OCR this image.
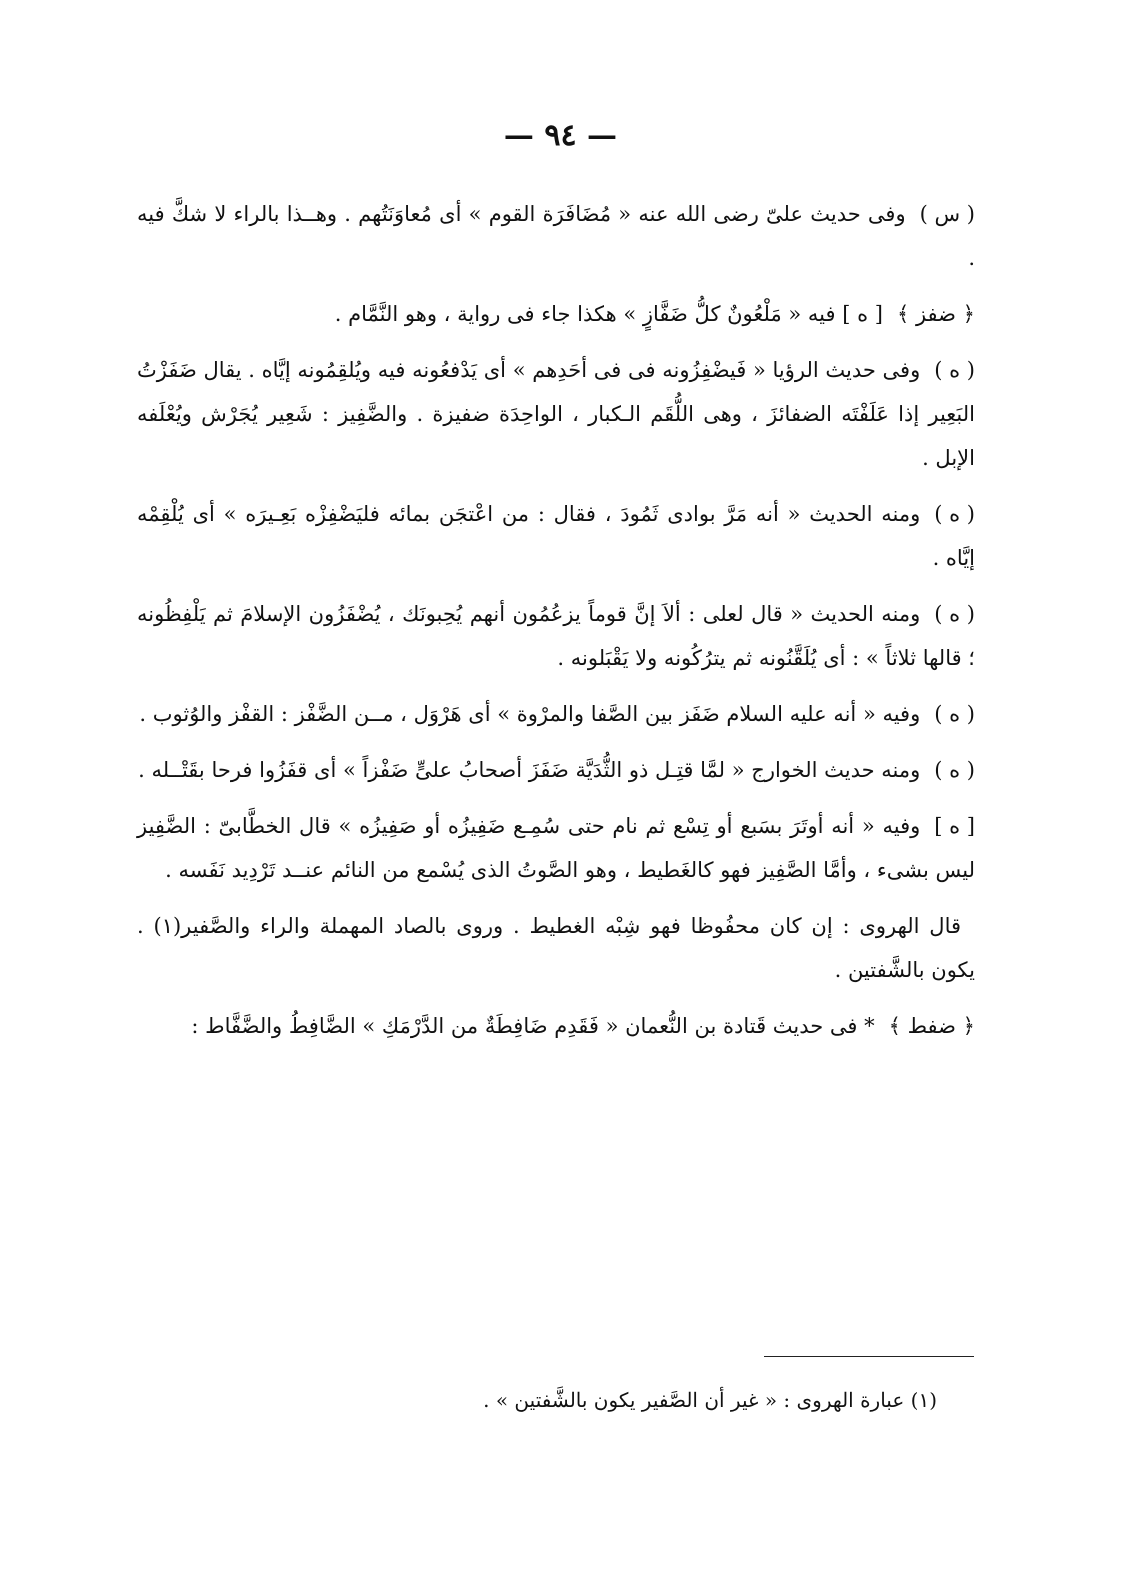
— ٩٤ —

( س )وفى حديث علىّ رضى الله عنه « مُضَافَرَة القوم » أى مُعاوَنَتُهم . وهــذا بالراء لا شكَّ فيه .

﴿ ضفز ﴾[ ه ] فيه « مَلْعُونٌ كلُّ ضَفَّازٍ » هكذا جاء فى رواية ، وهو النَّمَّام .

( ه )وفى حديث الرؤيا « فَيضْفِزُونه فى فى أحَدِهم » أى يَدْفعُونه فيه ويُلقِمُونه إيَّاه . يقال ضَفَزْتُ البَعِير إذا عَلَفْتَه الضفائزَ ، وهى اللُّقَم الـكبار ، الواحِدَة ضفيزة . والضَّفِيز : شَعِير يُجَرْش ويُعْلَفه الإبل .

( ه )ومنه الحديث « أنه مَرَّ بوادى ثَمُودَ ، فقال : من اعْتجَن بمائه فليَضْفِزْه بَعِـيرَه » أى يُلْقِمْه إيَّاه .

( ه )ومنه الحديث « قال لعلى : ألاَ إنَّ قوماً يزعُمُون أنهم يُحِبونَك ، يُضْفَزُون الإسلامَ ثم يَلْفِظُونه ؛ قالها ثلاثاً » : أى يُلَقَّنُونه ثم يترُكُونه ولا يَقْبَلونه .

( ه )وفيه « أنه عليه السلام ضَفَز بين الصَّفا والمرْوة » أى هَرْوَل ، مــن الضَّفْز : القفْز والوُثوب .

( ه )ومنه حديث الخوارج « لمَّا قتِـل ذو الثُّدَيَّة ضَفَزَ أصحابُ علىٍّ ضَفْزاً » أى قفَزُوا فرحا بقَتْــله .

[ ه ]وفيه « أنه أوتَرَ بسَبع أو تِسْع ثم نام حتى سُمِـع ضَفِيزُه أو صَفِيزُه » قال الخطَّابىّ : الضَّفِيز ليس بشىء ، وأمَّا الصَّفِيز فهو كالغَطيط ، وهو الصَّوتُ الذى يُسْمع من النائم عنــد تَرْدِيد نَفَسه .

قال الهروى : إن كان محفُوظا فهو شِبْه الغطيط . وروى بالصاد المهملة والراء والصَّفير(١) . يكون بالشَّفتين .

﴿ ضفط ﴾* فى حديث قَتادة بن النُّعمان « فَقَدِم ضَافِطَةٌ من الدَّرْمَكِ » الضَّافِطُ والضَّفَّاط :

(١) عبارة الهروى : « غير أن الصَّفير يكون بالشَّفتين » .
